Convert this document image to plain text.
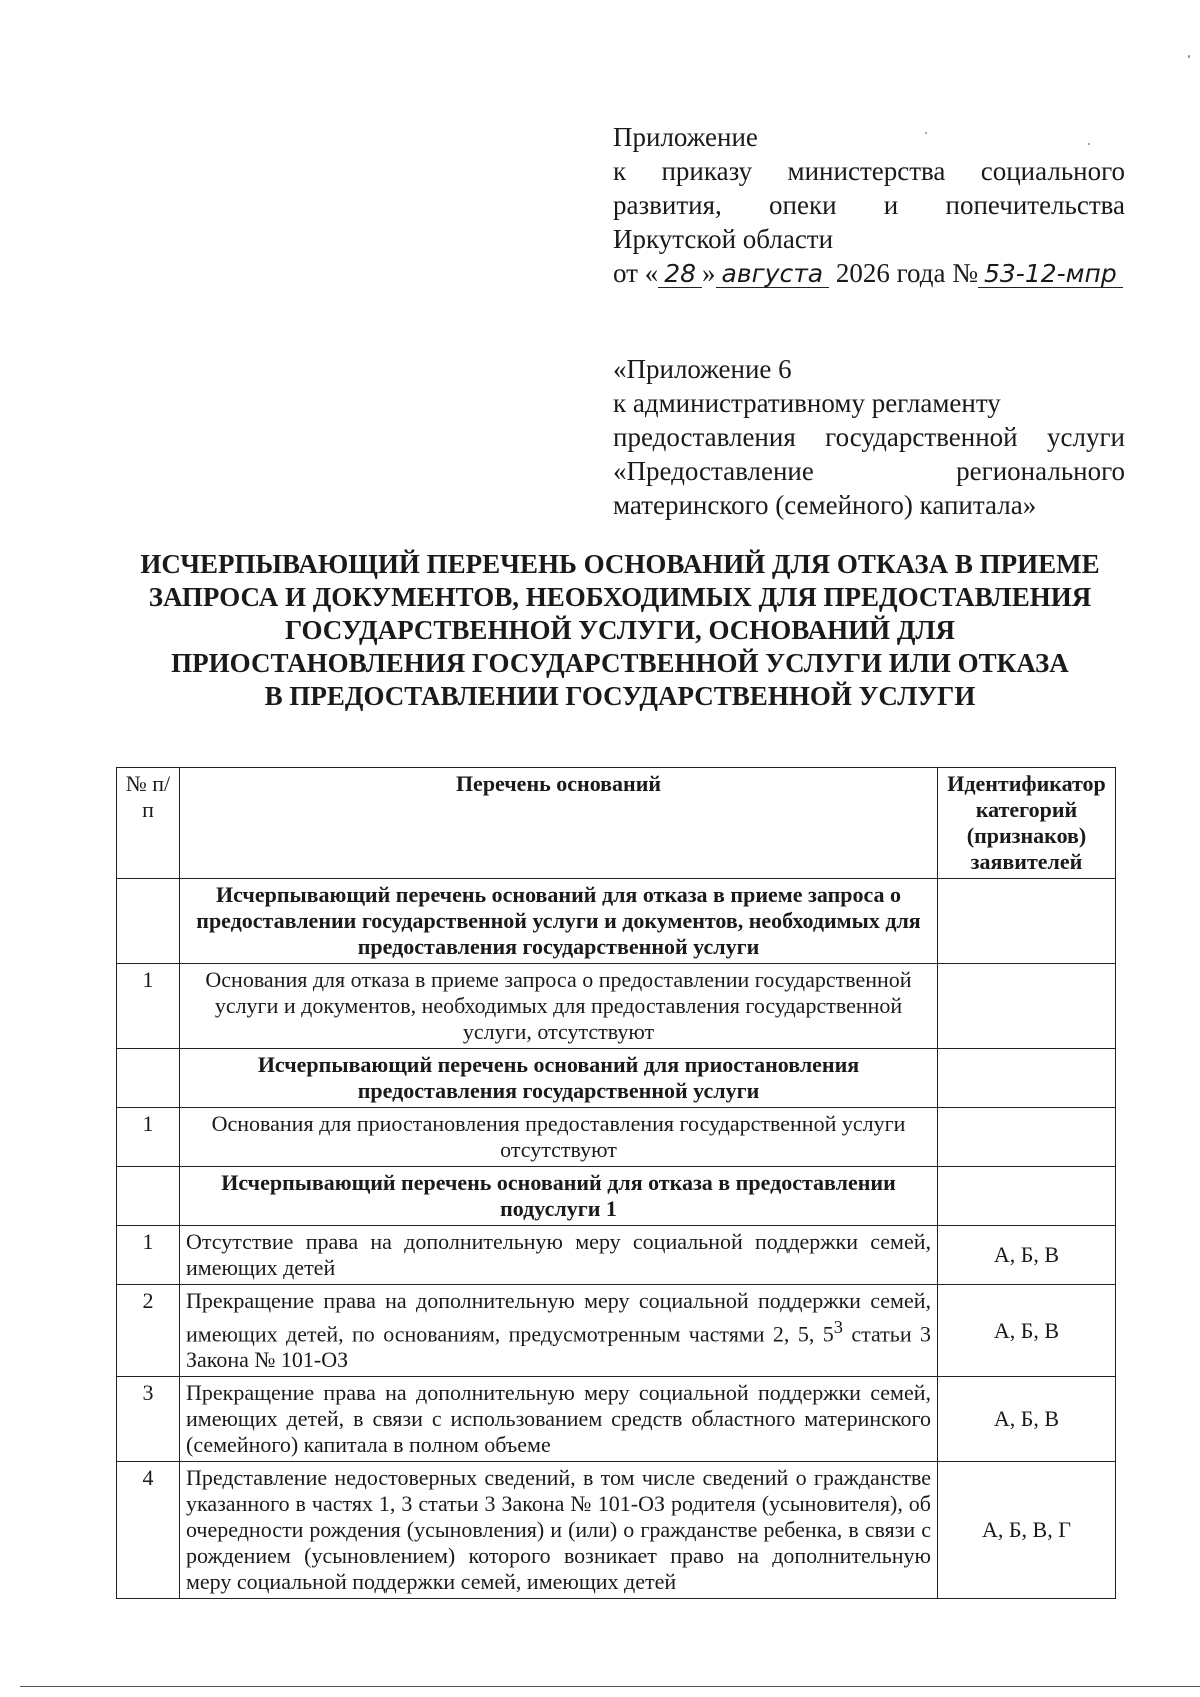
Приложение
к приказу министерства социального
развития, опеки и попечительства
Иркутской области
от « 28 » августа 2026 года № 53-12-мпр
«Приложение 6
к административному регламенту
предоставления государственной услуги
«Предоставление регионального
материнского (семейного) капитала»
ИСЧЕРПЫВАЮЩИЙ ПЕРЕЧЕНЬ ОСНОВАНИЙ ДЛЯ ОТКАЗА В ПРИЕМЕ
ЗАПРОСА И ДОКУМЕНТОВ, НЕОБХОДИМЫХ ДЛЯ ПРЕДОСТАВЛЕНИЯ
ГОСУДАРСТВЕННОЙ УСЛУГИ, ОСНОВАНИЙ ДЛЯ
ПРИОСТАНОВЛЕНИЯ ГОСУДАРСТВЕННОЙ УСЛУГИ ИЛИ ОТКАЗА
В ПРЕДОСТАВЛЕНИИ ГОСУДАРСТВЕННОЙ УСЛУГИ
№ п/п	Перечень оснований	Идентификатор категорий (признаков) заявителей
	Исчерпывающий перечень оснований для отказа в приеме запроса о предоставлении государственной услуги и документов, необходимых для предоставления государственной услуги	
1	Основания для отказа в приеме запроса о предоставлении государственной услуги и документов, необходимых для предоставления государственной услуги, отсутствуют	
	Исчерпывающий перечень оснований для приостановления предоставления государственной услуги	
1	Основания для приостановления предоставления государственной услуги отсутствуют	
	Исчерпывающий перечень оснований для отказа в предоставлении подуслуги 1	
1	Отсутствие права на дополнительную меру социальной поддержки семей, имеющих детей	А, Б, В
2	Прекращение права на дополнительную меру социальной поддержки семей, имеющих детей, по основаниям, предусмотренным частями 2, 5, $5^3$ статьи 3 Закона № 101-ОЗ	А, Б, В
3	Прекращение права на дополнительную меру социальной поддержки семей, имеющих детей, в связи с использованием средств областного материнского (семейного) капитала в полном объеме	А, Б, В
4	Представление недостоверных сведений, в том числе сведений о гражданстве указанного в частях 1, 3 статьи 3 Закона № 101-ОЗ родителя (усыновителя), об очередности рождения (усыновления) и (или) о гражданстве ребенка, в связи с рождением (усыновлением) которого возникает право на дополнительную меру социальной поддержки семей, имеющих детей	А, Б, В, Г
